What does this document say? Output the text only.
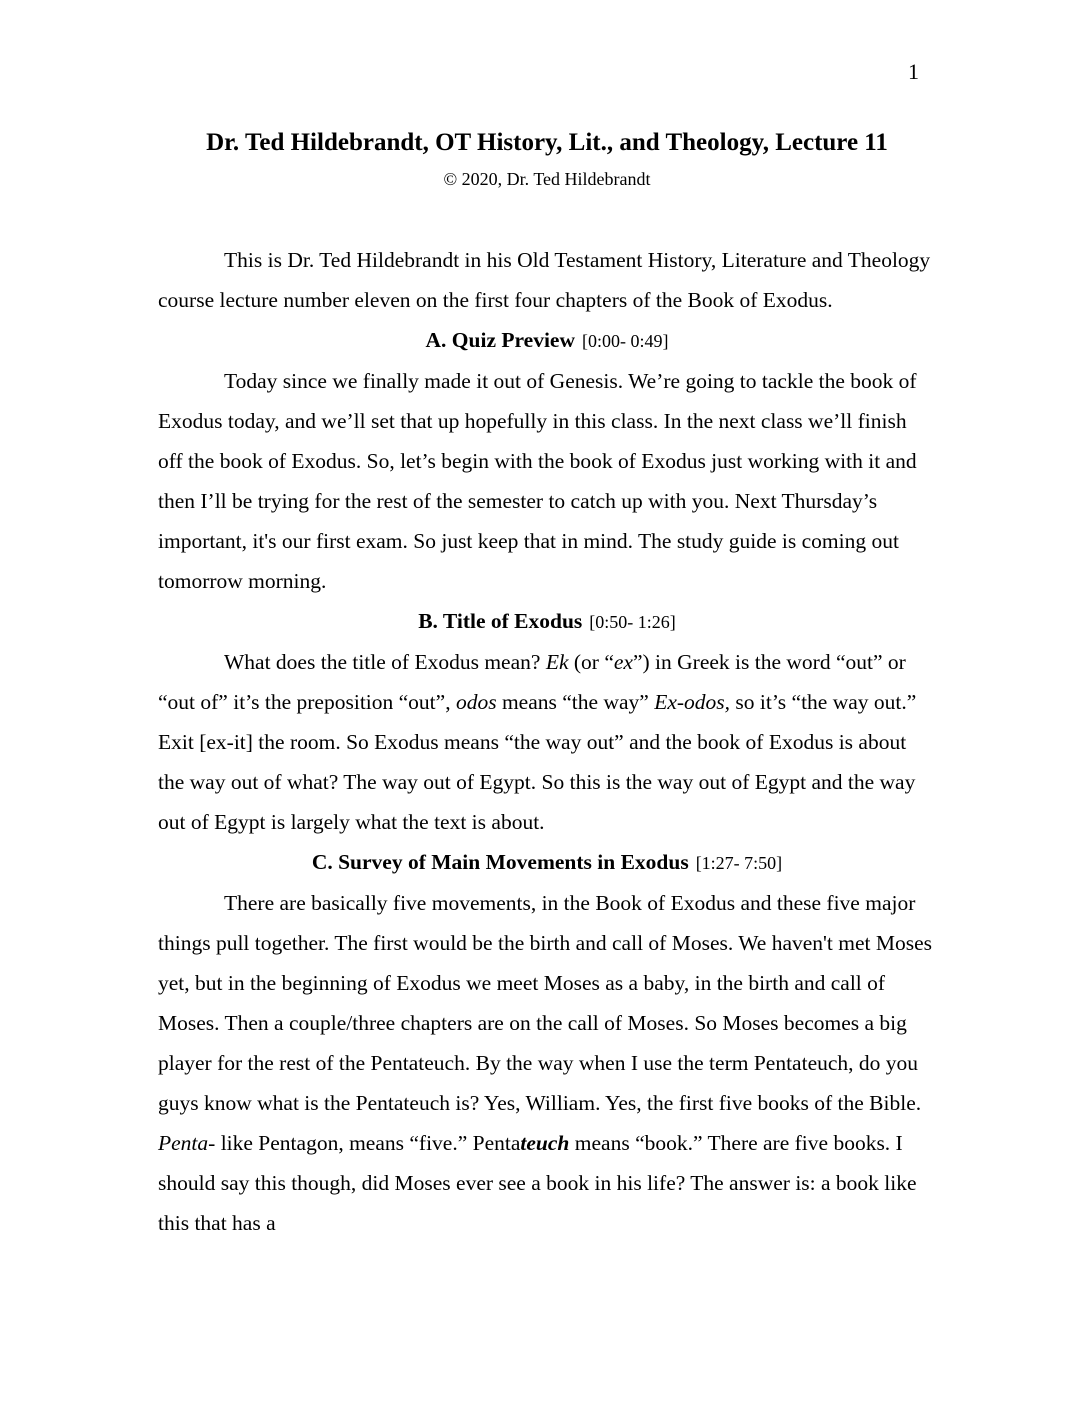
1
Dr. Ted Hildebrandt, OT History, Lit., and Theology, Lecture 11
© 2020, Dr. Ted Hildebrandt

This is Dr. Ted Hildebrandt in his Old Testament History, Literature and Theology course lecture number eleven on the first four chapters of the Book of Exodus.

A. Quiz Preview [0:00- 0:49]

Today since we finally made it out of Genesis. We’re going to tackle the book of Exodus today, and we’ll set that up hopefully in this class. In the next class we’ll finish off the book of Exodus. So, let’s begin with the book of Exodus just working with it and then I’ll be trying for the rest of the semester to catch up with you. Next Thursday’s important, it's our first exam. So just keep that in mind. The study guide is coming out tomorrow morning.

B. Title of Exodus [0:50- 1:26]

What does the title of Exodus mean? Ek (or “ex”) in Greek is the word “out” or “out of” it’s the preposition “out”, odos means “the way” Ex-odos, so it’s “the way out.” Exit [ex-it] the room. So Exodus means “the way out” and the book of Exodus is about the way out of what? The way out of Egypt. So this is the way out of Egypt and the way out of Egypt is largely what the text is about.

C. Survey of Main Movements in Exodus [1:27- 7:50]

There are basically five movements, in the Book of Exodus and these five major things pull together. The first would be the birth and call of Moses. We haven't met Moses yet, but in the beginning of Exodus we meet Moses as a baby, in the birth and call of Moses. Then a couple/three chapters are on the call of Moses. So Moses becomes a big player for the rest of the Pentateuch. By the way when I use the term Pentateuch, do you guys know what is the Pentateuch is? Yes, William. Yes, the first five books of the Bible. Penta- like Pentagon, means “five.” Pentateuch means “book.” There are five books. I should say this though, did Moses ever see a book in his life? The answer is: a book like this that has a
